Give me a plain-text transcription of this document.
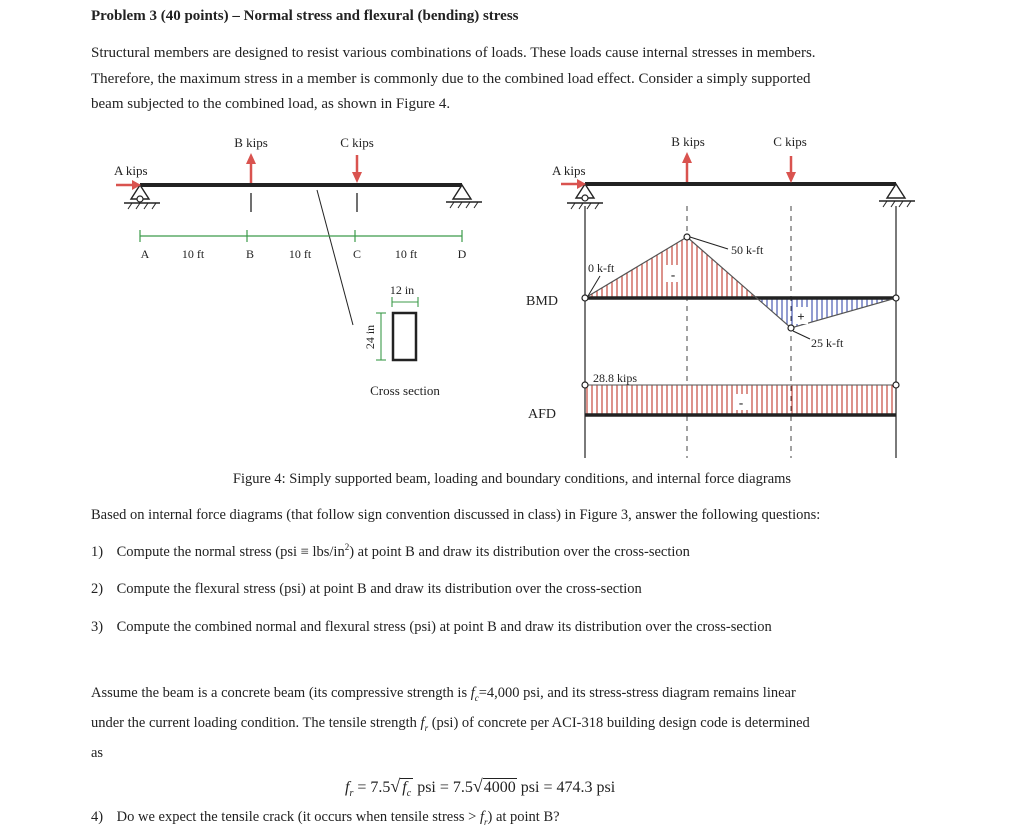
Problem 3 (40 points) – Normal stress and flexural (bending) stress
Structural members are designed to resist various combinations of loads. These loads cause internal stresses in members.
Therefore, the maximum stress in a member is commonly due to the combined load effect. Consider a simply supported
beam subjected to the combined load, as shown in Figure 4.
A kips
B kips	C kips
A	B	C	D
10 ft	10 ft	10 ft
12 in
24 in
Cross section
A kips
B kips	C kips
BMD
0 k-ft
50 k-ft
25 k-ft
-
+
AFD
28.8 kips
-
Figure 4: Simply supported beam, loading and boundary conditions, and internal force diagrams
Based on internal force diagrams (that follow sign convention discussed in class) in Figure 3, answer the following questions:
1) Compute the normal stress (psi ≡ lbs/$in^2$) at point B and draw its distribution over the cross-section
2) Compute the flexural stress (psi) at point B and draw its distribution over the cross-section
3) Compute the combined normal and flexural stress (psi) at point B and draw its distribution over the cross-section
Assume the beam is a concrete beam (its compressive strength is $f_c=4,000$ psi, and its stress-stress diagram remains linear
under the current loading condition. The tensile strength $f_r$ (psi) of concrete per ACI-318 building design code is determined
as
$f_r = 7.5√$ $f_c$ psi = 7.5√4000 psi = 474.3 psi
4) Do we expect the tensile crack (it occurs when tensile stress > $f_r$) at point B?
